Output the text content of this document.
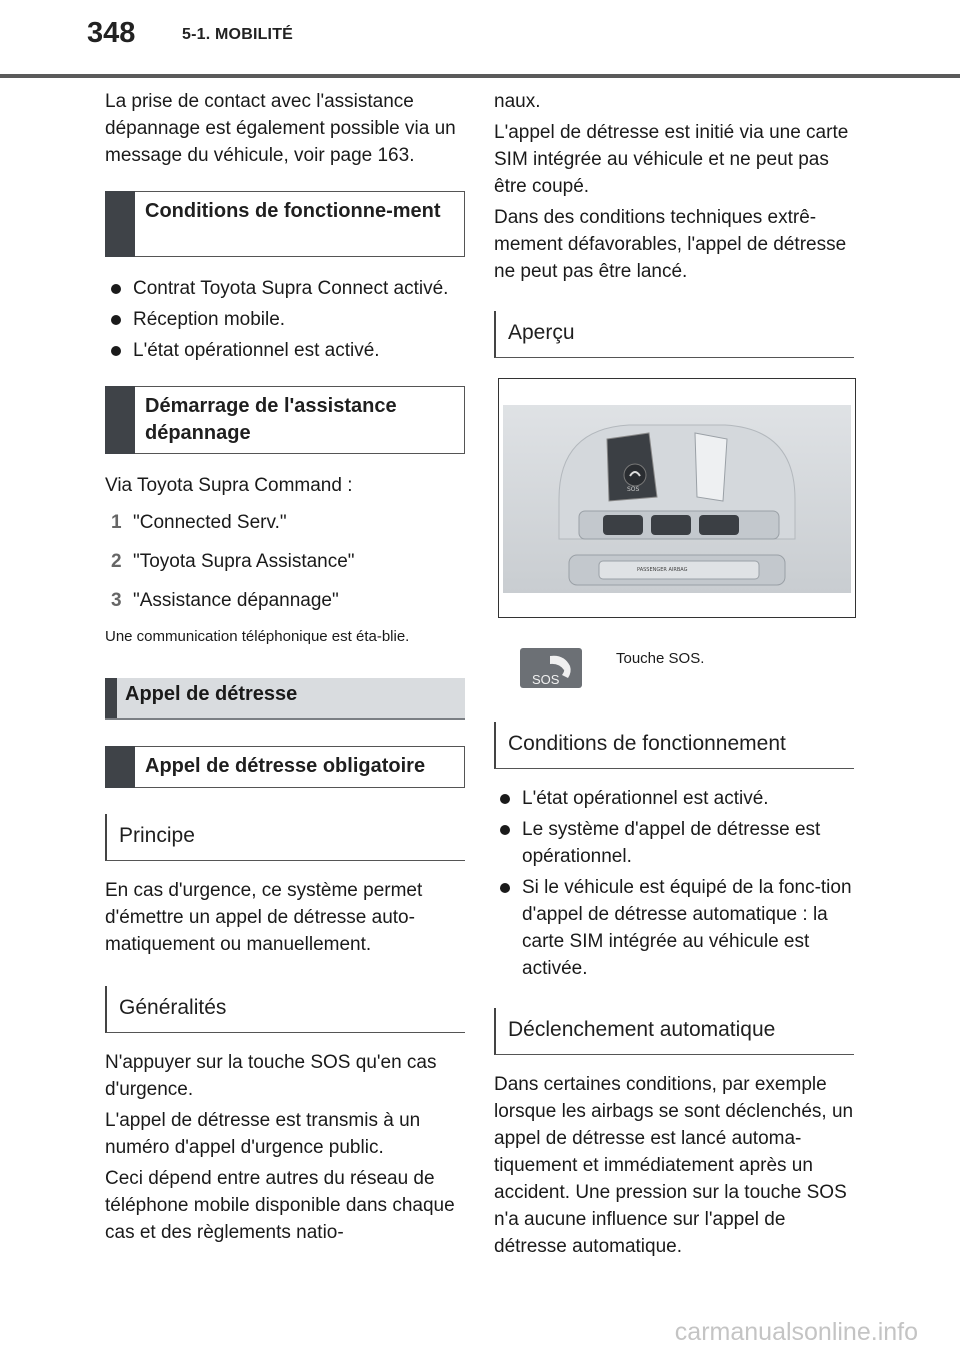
348	5-1. MOBILITÉ

La prise de contact avec l'assistance dépannage est également possible via un message du véhicule, voir page 163.

Conditions de fonctionne-ment
Contrat Toyota Supra Connect activé.
Réception mobile.
L'état opérationnel est activé.
Démarrage de l'assistance dépannage

Via Toyota Supra Command :

1 "Connected Serv."
2 "Toyota Supra Assistance"
3 "Assistance dépannage"

Une communication téléphonique est éta-blie.

Appel de détresse
Appel de détresse obligatoire
Principe

En cas d'urgence, ce système permet d'émettre un appel de détresse auto-matiquement ou manuellement.

Généralités

N'appuyer sur la touche SOS qu'en cas d'urgence.

L'appel de détresse est transmis à un numéro d'appel d'urgence public.

Ceci dépend entre autres du réseau de téléphone mobile disponible dans chaque cas et des règlements natio-

naux.

L'appel de détresse est initié via une carte SIM intégrée au véhicule et ne peut pas être coupé.

Dans des conditions techniques extrê-mement défavorables, l'appel de détresse ne peut pas être lancé.

Aperçu
SOS
PASSENGER AIRBAG
SOS
Touche SOS.
Conditions de fonctionnement
L'état opérationnel est activé.
Le système d'appel de détresse est opérationnel.
Si le véhicule est équipé de la fonc-tion d'appel de détresse automatique : la carte SIM intégrée au véhicule est activée.
Déclenchement automatique

Dans certaines conditions, par exemple lorsque les airbags se sont déclenchés, un appel de détresse est lancé automa-tiquement et immédiatement après un accident. Une pression sur la touche SOS n'a aucune influence sur l'appel de détresse automatique.

carmanualsonline.info
